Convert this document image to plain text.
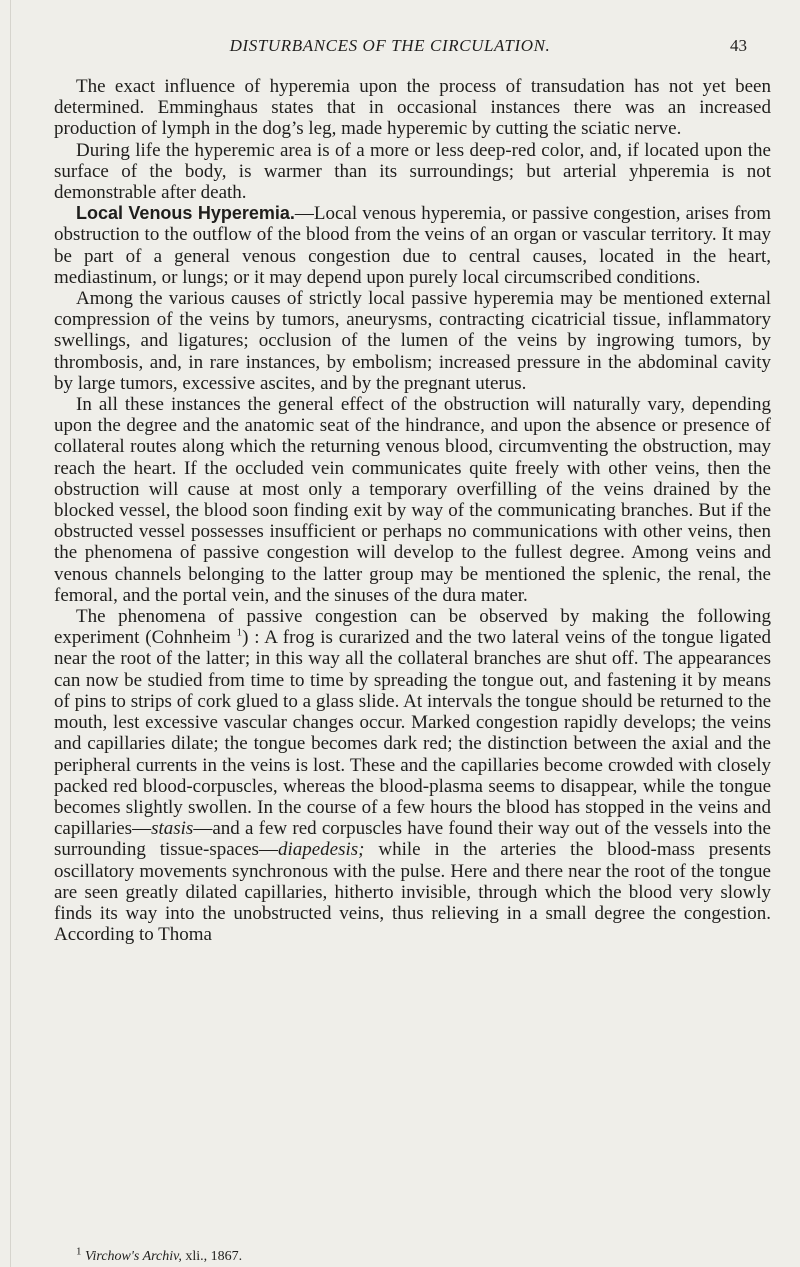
DISTURBANCES OF THE CIRCULATION.	43

The exact influence of hyperemia upon the process of transudation has not yet been determined. Emminghaus states that in occasional instances there was an increased production of lymph in the dog’s leg, made hyperemic by cutting the sciatic nerve.

During life the hyperemic area is of a more or less deep-red color, and, if located upon the surface of the body, is warmer than its surroundings; but arterial yhperemia is not demonstrable after death.

Local Venous Hyperemia.—Local venous hyperemia, or passive congestion, arises from obstruction to the outflow of the blood from the veins of an organ or vascular territory. It may be part of a general venous congestion due to central causes, located in the heart, mediastinum, or lungs; or it may depend upon purely local circumscribed conditions.

Among the various causes of strictly local passive hyperemia may be mentioned external compression of the veins by tumors, aneurysms, contracting cicatricial tissue, inflammatory swellings, and ligatures; occlusion of the lumen of the veins by ingrowing tumors, by thrombosis, and, in rare instances, by embolism; increased pressure in the abdominal cavity by large tumors, excessive ascites, and by the pregnant uterus.

In all these instances the general effect of the obstruction will naturally vary, depending upon the degree and the anatomic seat of the hindrance, and upon the absence or presence of collateral routes along which the returning venous blood, circumventing the obstruction, may reach the heart. If the occluded vein communicates quite freely with other veins, then the obstruction will cause at most only a temporary overfilling of the veins drained by the blocked vessel, the blood soon finding exit by way of the communicating branches. But if the obstructed vessel possesses insufficient or perhaps no communications with other veins, then the phenomena of passive congestion will develop to the fullest degree. Among veins and venous channels belonging to the latter group may be mentioned the splenic, the renal, the femoral, and the portal vein, and the sinuses of the dura mater.

The phenomena of passive congestion can be observed by making the following experiment (Cohnheim $^1$) : A frog is curarized and the two lateral veins of the tongue ligated near the root of the latter; in this way all the collateral branches are shut off. The appearances can now be studied from time to time by spreading the tongue out, and fastening it by means of pins to strips of cork glued to a glass slide. At intervals the tongue should be returned to the mouth, lest excessive vascular changes occur. Marked congestion rapidly develops; the veins and capillaries dilate; the tongue becomes dark red; the distinction between the axial and the peripheral currents in the veins is lost. These and the capillaries become crowded with closely packed red blood-corpuscles, whereas the blood-plasma seems to disappear, while the tongue becomes slightly swollen. In the course of a few hours the blood has stopped in the veins and capillaries—stasis—and a few red corpuscles have found their way out of the vessels into the surrounding tissue-spaces—diapedesis; while in the arteries the blood-mass presents oscillatory movements synchronous with the pulse. Here and there near the root of the tongue are seen greatly dilated capillaries, hitherto invisible, through which the blood very slowly finds its way into the unobstructed veins, thus relieving in a small degree the congestion. According to Thoma

$^1$ Virchow's Archiv, xli., 1867.
